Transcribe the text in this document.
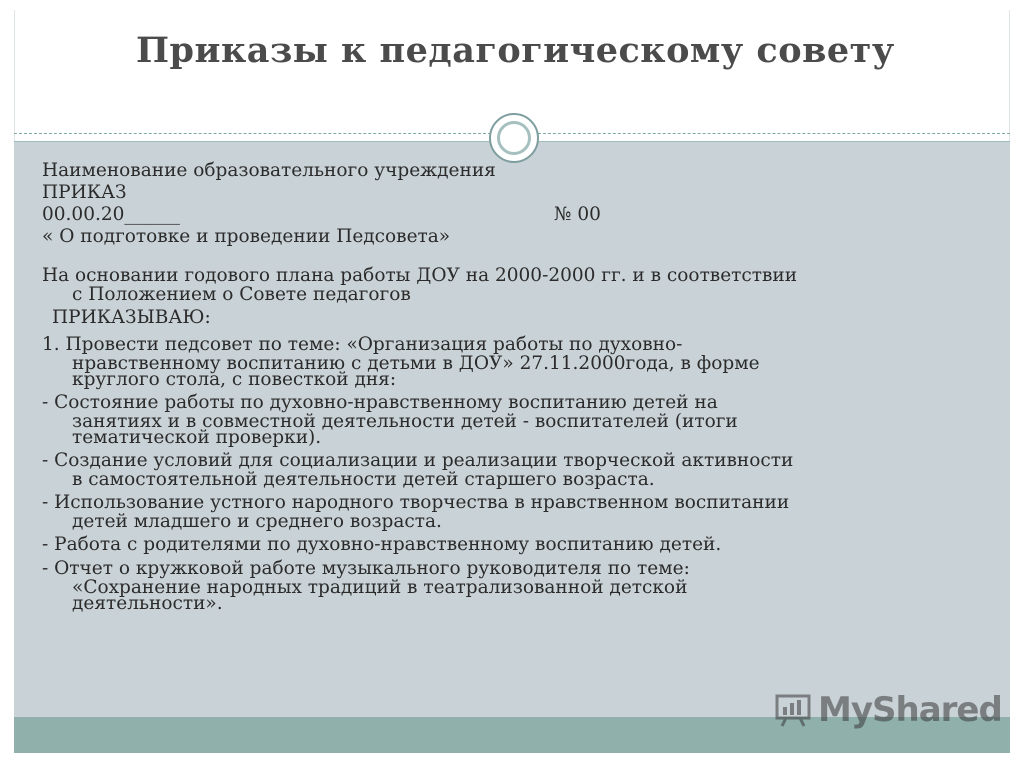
Приказы к педагогическому совету
Наименование образовательного учреждения
ПРИКАЗ
00.00.20______	№ 00
« О подготовке и проведении Педсовета»
На основании годового плана работы ДОУ на 2000-2000 гг. и в соответствии
с Положением о Совете педагогов
ПРИКАЗЫВАЮ:
1. Провести педсовет по теме: «Организация работы по духовно-
нравственному воспитанию с детьми в ДОУ» 27.11.2000года, в форме
круглого стола, с повесткой дня:
- Состояние работы по духовно-нравственному воспитанию детей на
занятиях и в совместной деятельности детей - воспитателей (итоги
тематической проверки).
- Создание условий для социализации и реализации творческой активности
в самостоятельной деятельности детей старшего возраста.
- Использование устного народного творчества в нравственном воспитании
детей младшего и среднего возраста.
- Работа с родителями по духовно-нравственному воспитанию детей.
- Отчет о кружковой работе музыкального руководителя по теме:
«Сохранение народных традиций в театрализованной детской
деятельности».
MyShared
